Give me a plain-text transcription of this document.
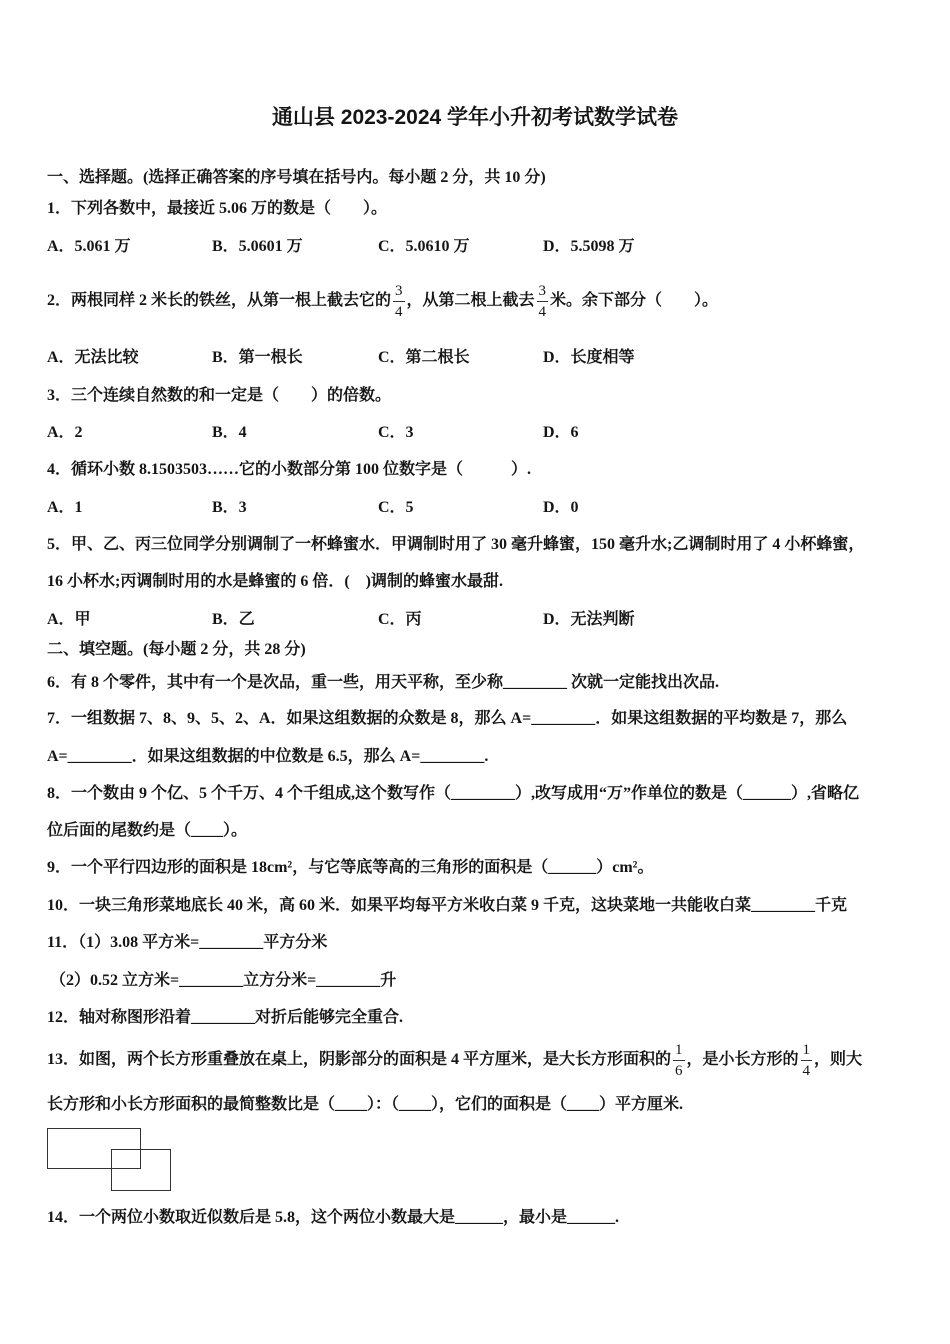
通山县 2023-2024 学年小升初考试数学试卷
一、选择题。(选择正确答案的序号填在括号内。每小题 2 分，共 10 分)
1．下列各数中，最接近 5.06 万的数是（　　）。
A．5.061 万	B．5.0601 万	C．5.0610 万	D．5.5098 万
2．两根同样 2 米长的铁丝，从第一根上截去它的 $\frac{3}{4}$ ，从第二根上截去 $\frac{3}{4}$ 米。余下部分（　　）。
A．无法比较	B．第一根长	C．第二根长	D．长度相等
3．三个连续自然数的和一定是（　　）的倍数。
A．2	B．4	C．3	D．6
4．循环小数 8.1503503……它的小数部分第 100 位数字是（　　　）.
A．1	B．3	C．5	D．0
5．甲、乙、丙三位同学分别调制了一杯蜂蜜水．甲调制时用了 30 毫升蜂蜜，150 毫升水;乙调制时用了 4 小杯蜂蜜，
16 小杯水;丙调制时用的水是蜂蜜的 6 倍．(　)调制的蜂蜜水最甜.
A．甲	B．乙	C．丙	D．无法判断
二、填空题。(每小题 2 分，共 28 分)
6．有 8 个零件，其中有一个是次品，重一些，用天平称，至少称________ 次就一定能找出次品.
7．一组数据 7、8、9、5、2、A．如果这组数据的众数是 8，那么 A=________．如果这组数据的平均数是 7，那么
A=________．如果这组数据的中位数是 6.5，那么 A=________.
8．一个数由 9 个亿、5 个千万、4 个千组成,这个数写作（________）,改写成用“万”作单位的数是（______）,省略亿
位后面的尾数约是（____）。
9．一个平行四边形的面积是 18cm²，与它等底等高的三角形的面积是（______）cm²。
10．一块三角形菜地底长 40 米，高 60 米．如果平均每平方米收白菜 9 千克，这块菜地一共能收白菜________千克
11．（1）3.08 平方米=________平方分米
（2）0.52 立方米=________立方分米=________升
12．轴对称图形沿着________对折后能够完全重合.
13．如图，两个长方形重叠放在桌上，阴影部分的面积是 4 平方厘米，是大长方形面积的 $\frac{1}{6}$ ，是小长方形的 $\frac{1}{4}$ ，则大
长方形和小长方形面积的最简整数比是（____）：（____），它们的面积是（____）平方厘米.
14．一个两位小数取近似数后是 5.8，这个两位小数最大是______，最小是______.
